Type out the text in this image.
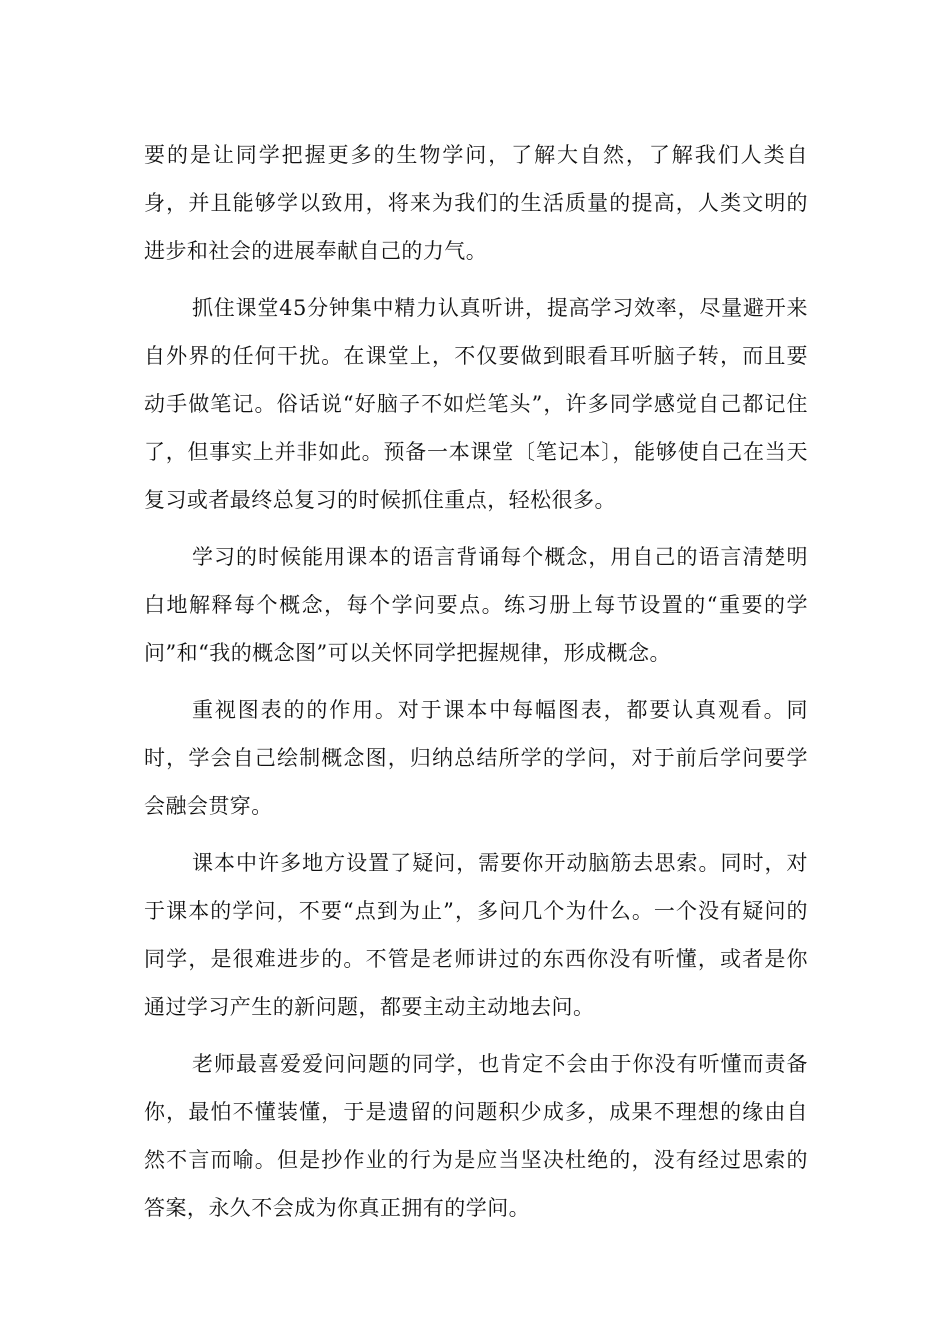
要的是让同学把握更多的生物学问，了解大自然，了解我们人类自身，并且能够学以致用，将来为我们的生活质量的提高，人类文明的进步和社会的进展奉献自己的力气。

抓住课堂45分钟集中精力认真听讲，提高学习效率，尽量避开来自外界的任何干扰。在课堂上，不仅要做到眼看耳听脑子转，而且要动手做笔记。俗话说“好脑子不如烂笔头”，许多同学感觉自己都记住了，但事实上并非如此。预备一本课堂〔笔记本〕，能够使自己在当天复习或者最终总复习的时候抓住重点，轻松很多。

学习的时候能用课本的语言背诵每个概念，用自己的语言清楚明白地解释每个概念，每个学问要点。练习册上每节设置的“重要的学问”和“我的概念图”可以关怀同学把握规律，形成概念。

重视图表的的作用。对于课本中每幅图表，都要认真观看。同时，学会自己绘制概念图，归纳总结所学的学问，对于前后学问要学会融会贯穿。

课本中许多地方设置了疑问，需要你开动脑筋去思索。同时，对于课本的学问，不要“点到为止”，多问几个为什么。一个没有疑问的同学，是很难进步的。不管是老师讲过的东西你没有听懂，或者是你通过学习产生的新问题，都要主动主动地去问。

老师最喜爱爱问问题的同学，也肯定不会由于你没有听懂而责备你，最怕不懂装懂，于是遗留的问题积少成多，成果不理想的缘由自然不言而喻。但是抄作业的行为是应当坚决杜绝的，没有经过思索的答案，永久不会成为你真正拥有的学问。
